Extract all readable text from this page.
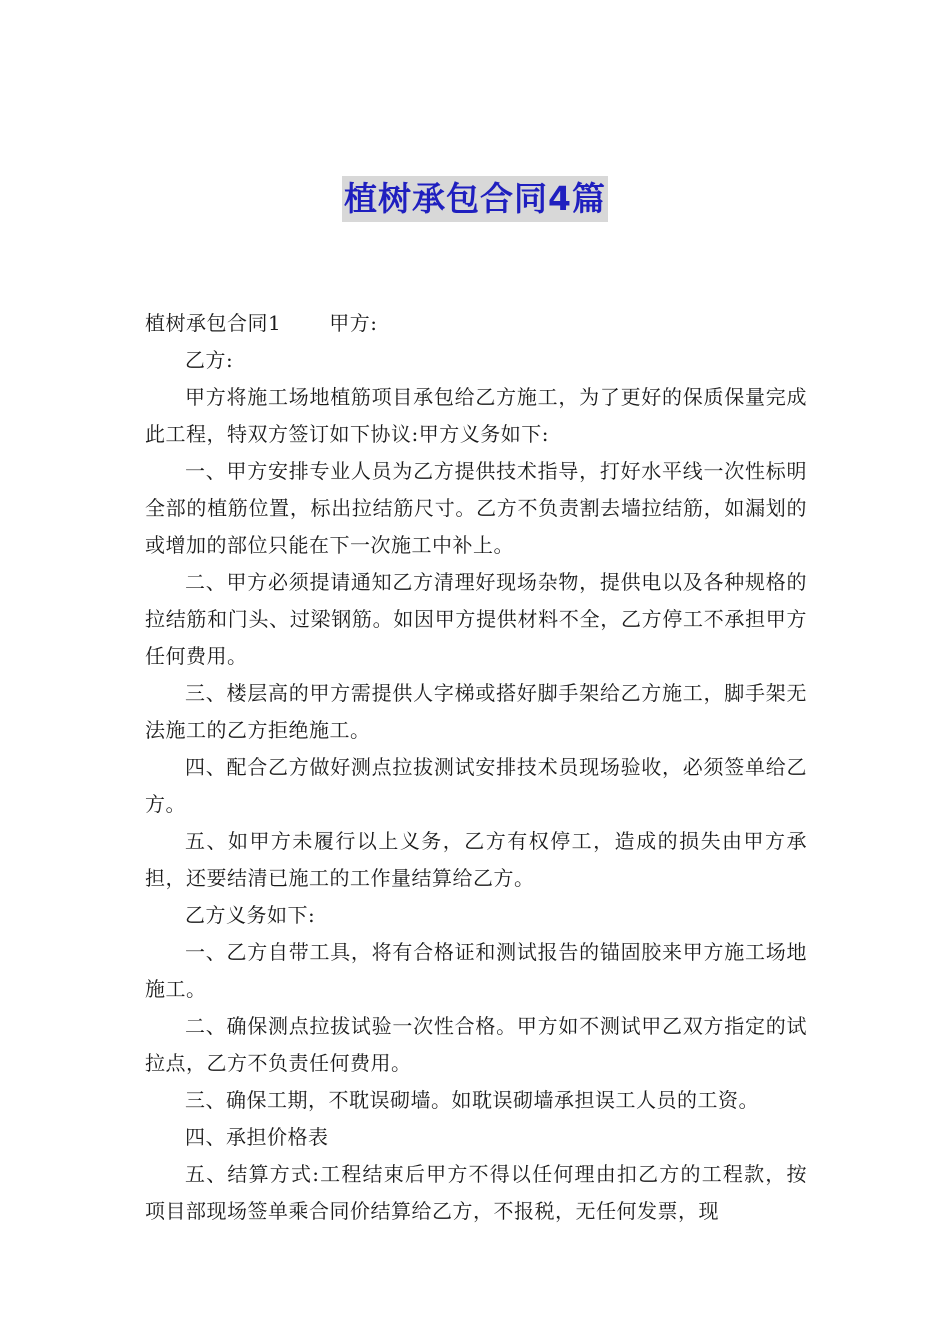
植树承包合同4篇

植树承包合同1 甲方:

乙方:

甲方将施工场地植筋项目承包给乙方施工，为了更好的保质保量完成此工程，特双方签订如下协议:甲方义务如下:

一、甲方安排专业人员为乙方提供技术指导，打好水平线一次性标明全部的植筋位置，标出拉结筋尺寸。乙方不负责割去墙拉结筋，如漏划的或增加的部位只能在下一次施工中补上。

二、甲方必须提请通知乙方清理好现场杂物，提供电以及各种规格的拉结筋和门头、过梁钢筋。如因甲方提供材料不全，乙方停工不承担甲方任何费用。

三、楼层高的甲方需提供人字梯或搭好脚手架给乙方施工，脚手架无法施工的乙方拒绝施工。

四、配合乙方做好测点拉拔测试安排技术员现场验收，必须签单给乙方。

五、如甲方未履行以上义务，乙方有权停工，造成的损失由甲方承担，还要结清已施工的工作量结算给乙方。

乙方义务如下:

一、乙方自带工具，将有合格证和测试报告的锚固胶来甲方施工场地施工。

二、确保测点拉拔试验一次性合格。甲方如不测试甲乙双方指定的试拉点，乙方不负责任何费用。

三、确保工期，不耽误砌墙。如耽误砌墙承担误工人员的工资。

四、承担价格表

五、结算方式:工程结束后甲方不得以任何理由扣乙方的工程款，按项目部现场签单乘合同价结算给乙方，不报税，无任何发票，现
